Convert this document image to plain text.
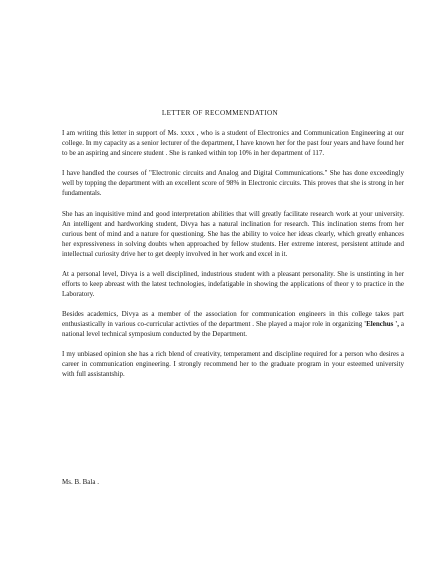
LETTER OF RECOMMENDATION

I am writing this letter in support of Ms. xxxx , who is a student of Electronics and Communication Engineering at our college. In my capacity as a senior lecturer of the department, I have known her for the past four years and have found her to be an aspiring and sincere student . She is ranked within top 10% in her department of 117.

I have handled the courses of "Electronic circuits and Analog and Digital Communications." She has done exceedingly well by topping the department with an excellent score of 98% in Electronic circuits. This proves that she is strong in her fundamentals.

She has an inquisitive mind and good interpretation abilities that will greatly facilitate research work at your university. An intelligent and hardworking student, Divya has a natural inclination for research. This inclination stems from her curious bent of mind and a nature for questioning. She has the ability to voice her ideas clearly, which greatly enhances her expressiveness in solving doubts when approached by fellow students. Her extreme interest, persistent attitude and intellectual curiosity drive her to get deeply involved in her work and excel in it.

At a personal level, Divya is a well disciplined, industrious student with a pleasant personality. She is unstinting in her efforts to keep abreast with the latest technologies, indefatigable in showing the applications of theor y to practice in the Laboratory.

Besides academics, Divya as a member of the association for communication engineers in this college takes part enthusiastically in various co-curricular activties of the department . She played a major role in organizing 'Elenchus ', a national level technical symposium conducted by the Department.

I my unbiased opinion she has a rich blend of creativity, temperament and discipline required for a person who desires a career in communication engineering. I strongly recommend her to the graduate program in your esteemed university with full assistantship.

Ms. B. Bala .
